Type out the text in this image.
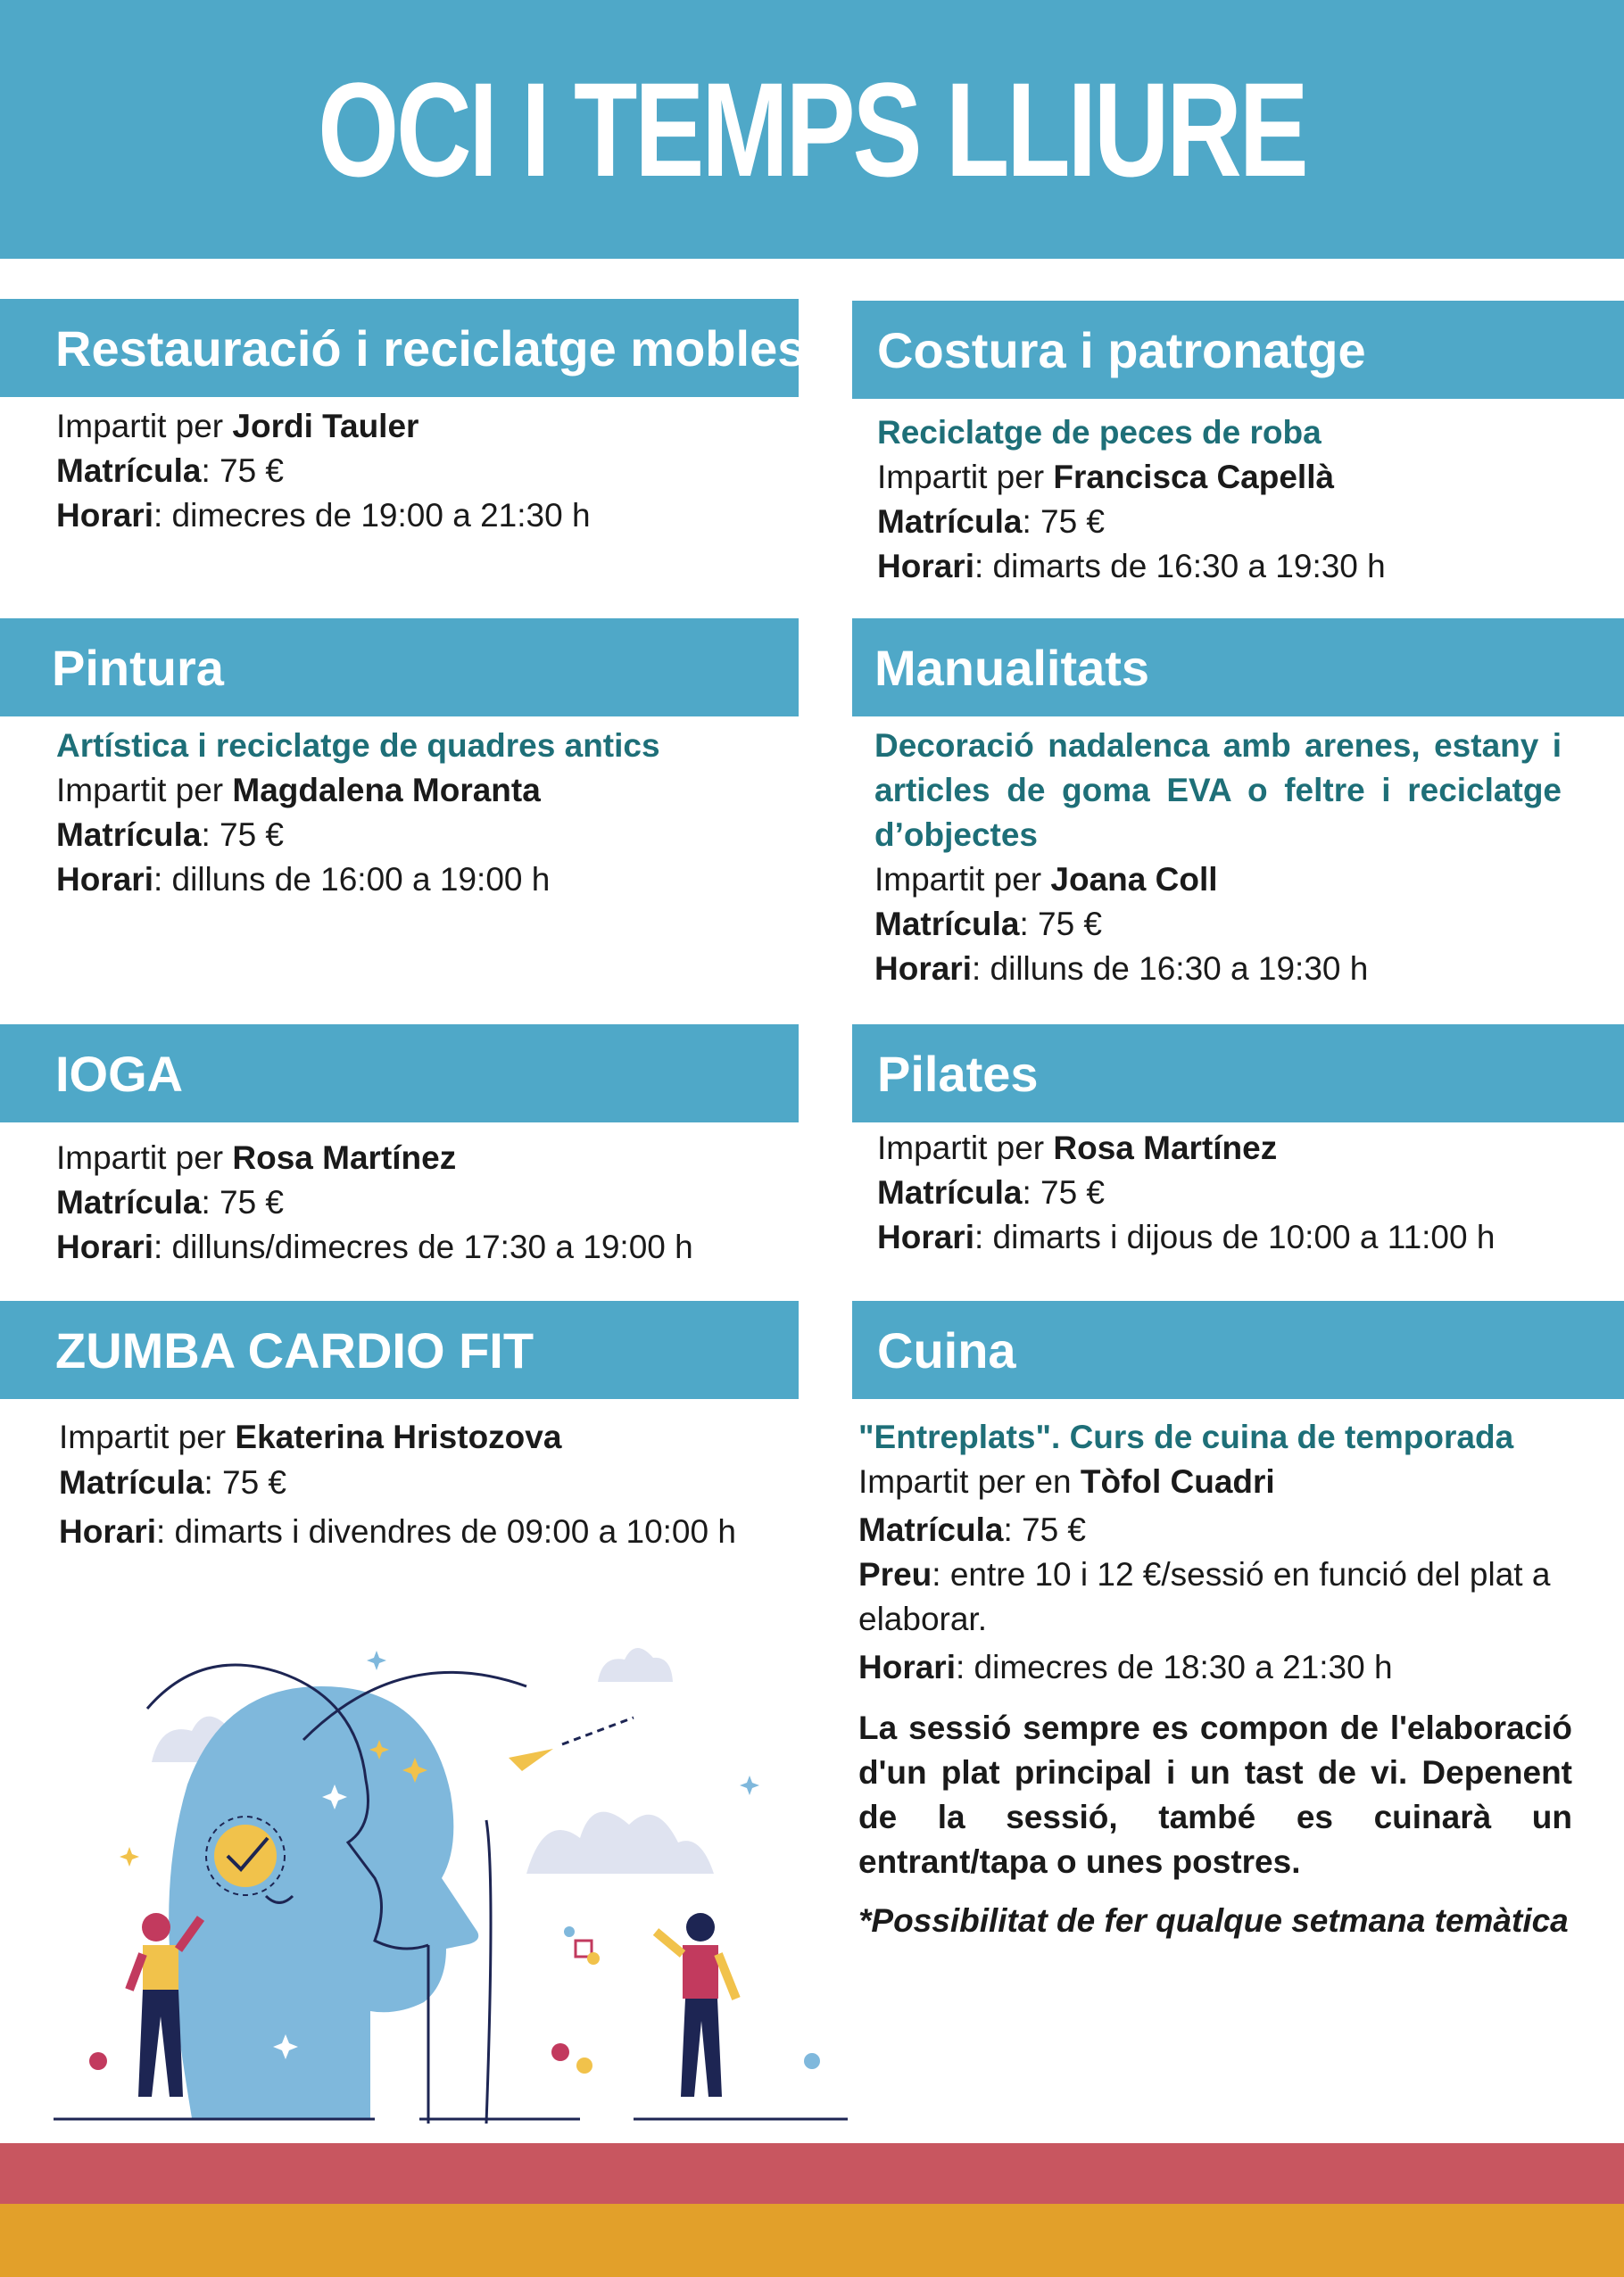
OCI I TEMPS LLIURE
Restauració i reciclatge mobles
Impartit per Jordi Tauler
Matrícula: 75 €
Horari: dimecres de 19:00 a 21:30 h
Costura i patronatge
Reciclatge de peces de roba
Impartit per Francisca Capellà
Matrícula: 75 €
Horari: dimarts de 16:30 a 19:30 h
Pintura
Artística i reciclatge de quadres antics
Impartit per Magdalena Moranta
Matrícula: 75 €
Horari: dilluns de 16:00 a 19:00 h
Manualitats
Decoració nadalenca amb arenes, estany i articles de goma EVA o feltre i reciclatge d’objectes
Impartit per Joana Coll
Matrícula: 75 €
Horari: dilluns de 16:30 a 19:30 h
IOGA
Impartit per Rosa Martínez
Matrícula: 75 €
Horari: dilluns/dimecres de 17:30 a 19:00 h
Pilates
Impartit per Rosa Martínez
Matrícula: 75 €
Horari: dimarts i dijous de 10:00 a 11:00 h
ZUMBA CARDIO FIT
Impartit per Ekaterina Hristozova
Matrícula: 75 €
Horari: dimarts i divendres de 09:00 a 10:00 h
Cuina
"Entreplats". Curs de cuina de temporada
Impartit per en Tòfol Cuadri
Matrícula: 75 €
Preu: entre 10 i 12 €/sessió en funció del plat a elaborar.
Horari: dimecres de 18:30 a 21:30 h
La sessió sempre es compon de l'elaboració d'un plat principal i un tast de vi. Depenent de la sessió, també es cuinarà un entrant/tapa o unes postres.
*Possibilitat de fer qualque setmana temàtica
